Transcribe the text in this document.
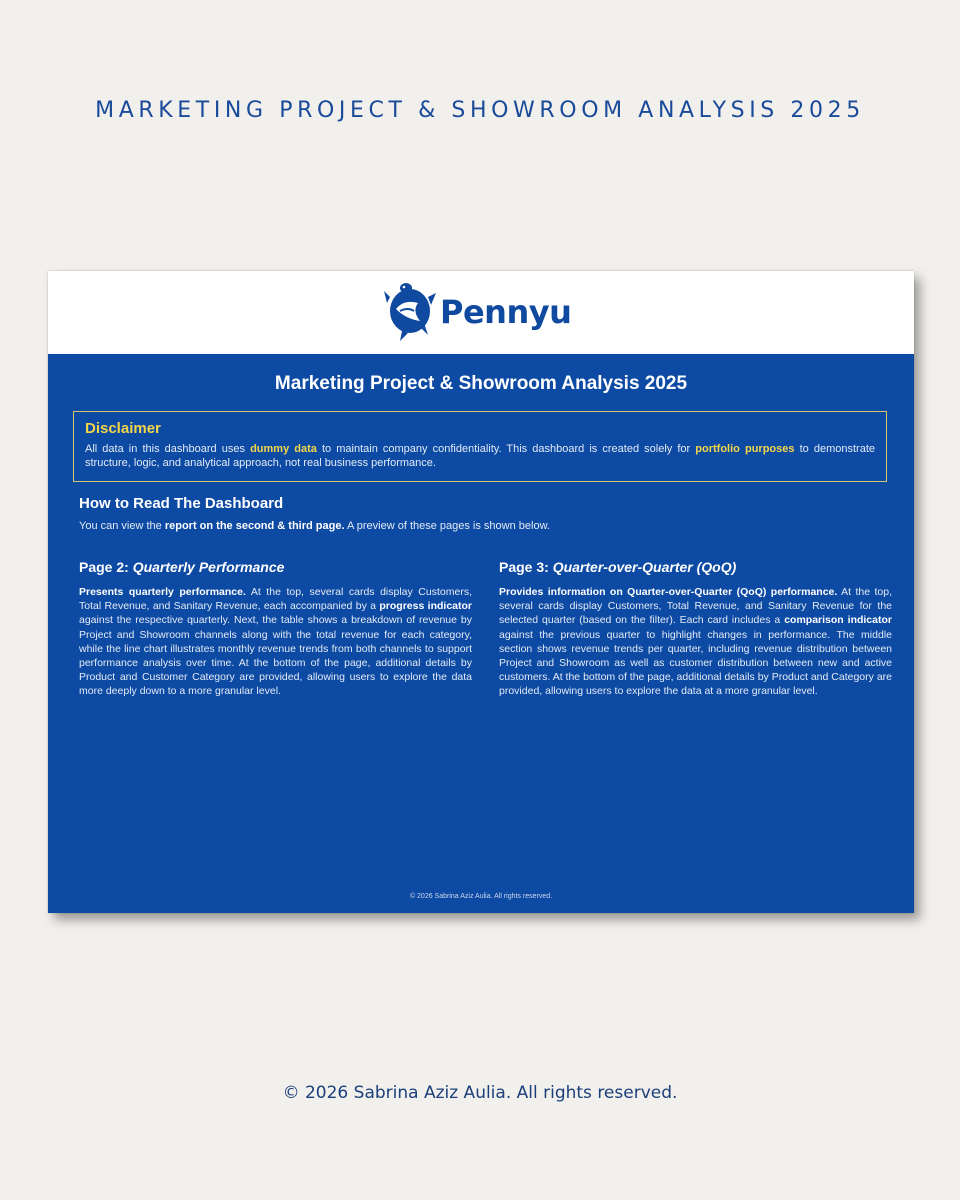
MARKETING PROJECT & SHOWROOM ANALYSIS 2025
Pennyu
Marketing Project & Showroom Analysis 2025
Disclaimer
All data in this dashboard uses dummy data to maintain company confidentiality. This dashboard is created solely for portfolio purposes to demonstrate structure, logic, and analytical approach, not real business performance.
How to Read The Dashboard
You can view the report on the second & third page. A preview of these pages is shown below.
Page 2: Quarterly Performance
Presents quarterly performance. At the top, several cards display Customers, Total Revenue, and Sanitary Revenue, each accompanied by a progress indicator against the respective quarterly. Next, the table shows a breakdown of revenue by Project and Showroom channels along with the total revenue for each category, while the line chart illustrates monthly revenue trends from both channels to support performance analysis over time. At the bottom of the page, additional details by Product and Customer Category are provided, allowing users to explore the data more deeply down to a more granular level.
Page 3: Quarter-over-Quarter (QoQ)
Provides information on Quarter-over-Quarter (QoQ) performance. At the top, several cards display Customers, Total Revenue, and Sanitary Revenue for the selected quarter (based on the filter). Each card includes a comparison indicator against the previous quarter to highlight changes in performance. The middle section shows revenue trends per quarter, including revenue distribution between Project and Showroom as well as customer distribution between new and active customers. At the bottom of the page, additional details by Product and Category are provided, allowing users to explore the data at a more granular level.
© 2026 Sabrina Aziz Aulia. All rights reserved.
© 2026 Sabrina Aziz Aulia. All rights reserved.
